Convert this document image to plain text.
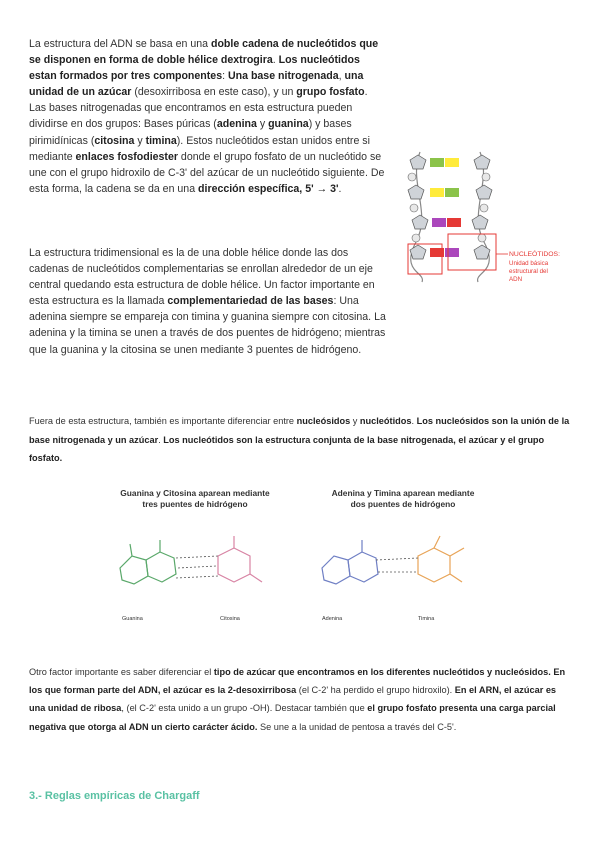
La estructura del ADN se basa en una doble cadena de nucleótidos que se disponen en forma de doble hélice dextrogira. Los nucleótidos estan formados por tres componentes: Una base nitrogenada, una unidad de un azúcar (desoxirribosa en este caso), y un grupo fosfato. Las bases nitrogenadas que encontramos en esta estructura pueden dividirse en dos grupos: Bases púricas (adenina y guanina) y bases pirimidínicas (citosina y timina). Estos nucleótidos estan unidos entre si mediante enlaces fosfodiester donde el grupo fosfato de un nucleótido se une con el grupo hidroxilo de C-3' del azúcar de un nucleótido siguiente. De esta forma, la cadena se da en una dirección específica, 5' → 3'.
NUCLEÓTIDOS:
Unidad básica
estructural del
ADN
La estructura tridimensional es la de una doble hélice donde las dos cadenas de nucleótidos complementarias se enrollan alrededor de un eje central quedando esta estructura de doble hélice. Un factor importante en esta estructura es la llamada complementariedad de las bases: Una adenina siempre se empareja con timina y guanina siempre con citosina. La adenina y la timina se unen a través de dos puentes de hidrógeno; mientras que la guanina y la citosina se unen mediante 3 puentes de hidrógeno.
Fuera de esta estructura, también es importante diferenciar entre nucleósidos y nucleótidos. Los nucleósidos son la unión de la base nitrogenada y un azúcar. Los nucleótidos son la estructura conjunta de la base nitrogenada, el azúcar y el grupo fosfato.
Guanina y Citosina aparean mediante
tres puentes de hidrógeno
Adenina y Timina aparean mediante
dos puentes de hidrógeno
Guanina	Citosina	Adenina	Timina
Otro factor importante es saber diferenciar el tipo de azúcar que encontramos en los diferentes nucleótidos y nucleósidos. En los que forman parte del ADN, el azúcar es la 2-desoxirribosa (el C-2' ha perdido el grupo hidroxilo). En el ARN, el azúcar es una unidad de ribosa, (el C-2' esta unido a un grupo -OH). Destacar también que el grupo fosfato presenta una carga parcial negativa que otorga al ADN un cierto carácter ácido. Se une a la unidad de pentosa a través del C-5'.
3.- Reglas empíricas de Chargaff
